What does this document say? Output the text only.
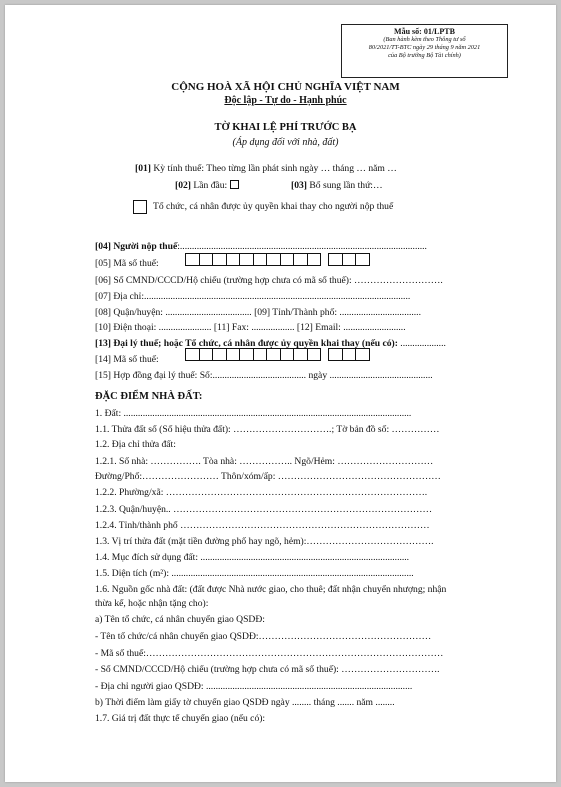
Mẫu số: 01/LPTB
(Ban hành kèm theo Thông tư số
80/2021/TT-BTC ngày 29 tháng 9 năm 2021
của Bộ trưởng Bộ Tài chính)
CỘNG HOÀ XÃ HỘI CHỦ NGHĨA VIỆT NAM
Độc lập - Tự do - Hạnh phúc
TỜ KHAI LỆ PHÍ TRƯỚC BẠ
(Áp dụng đối với nhà, đất)
[01] Kỳ tính thuế: Theo từng lần phát sinh ngày … tháng … năm …
[02] Lần đầu:	[03] Bổ sung lần thứ:…
Tổ chức, cá nhân được ủy quyền khai thay cho người nộp thuế
[04] Người nộp thuế:.......................................................................................................
[05] Mã số thuế:
[06] Số CMND/CCCD/Hộ chiếu (trường hợp chưa có mã số thuế): ……………………….
[07] Địa chỉ:...............................................................................................................
[08] Quận/huyện: .................................... [09] Tỉnh/Thành phố: ..................................
[10] Điện thoại: ...................... [11] Fax: .................. [12] Email: ..........................
[13] Đại lý thuế; hoặc Tổ chức, cá nhân được ủy quyền khai thay (nếu có): ...................
[14] Mã số thuế:
[15] Hợp đồng đại lý thuế: Số:....................................... ngày ...........................................
ĐẶC ĐIỂM NHÀ ĐẤT:
1. Đất: ........................................................................................................................
1.1. Thửa đất số (Số hiệu thửa đất): ………………………….; Tờ bản đồ số: ……………
1.2. Địa chỉ thửa đất:
1.2.1. Số nhà: ……………. Tòa nhà: …………….. Ngõ/Hẻm: …………………………
Đường/Phố:…………………… Thôn/xóm/ấp: ……………………………………………
1.2.2. Phường/xã: ……………………………………………………………………….
1.2.3. Quận/huyện.. ………………………………………………………………………
1.2.4. Tỉnh/thành phố ……………………………………………………………………
1.3. Vị trí thửa đất (mặt tiền đường phố hay ngõ, hẻm):………………………………….
1.4. Mục đích sử dụng đất: .......................................................................................
1.5. Diện tích (m²): .....................................................................................................
1.6. Nguồn gốc nhà đất: (đất được Nhà nước giao, cho thuê; đất nhận chuyển nhượng; nhận
thừa kế, hoặc nhận tặng cho):
a) Tên tổ chức, cá nhân chuyển giao QSDĐ:
- Tên tổ chức/cá nhân chuyển giao QSDĐ:………………………………………………
- Mã số thuế:…………………………………………………………………………………
- Số CMND/CCCD/Hộ chiếu (trường hợp chưa có mã số thuế): ………………………….
- Địa chỉ người giao QSDĐ: ......................................................................................
b) Thời điểm làm giấy tờ chuyển giao QSDĐ ngày ........ tháng ....... năm ........
1.7. Giá trị đất thực tế chuyển giao (nếu có):
